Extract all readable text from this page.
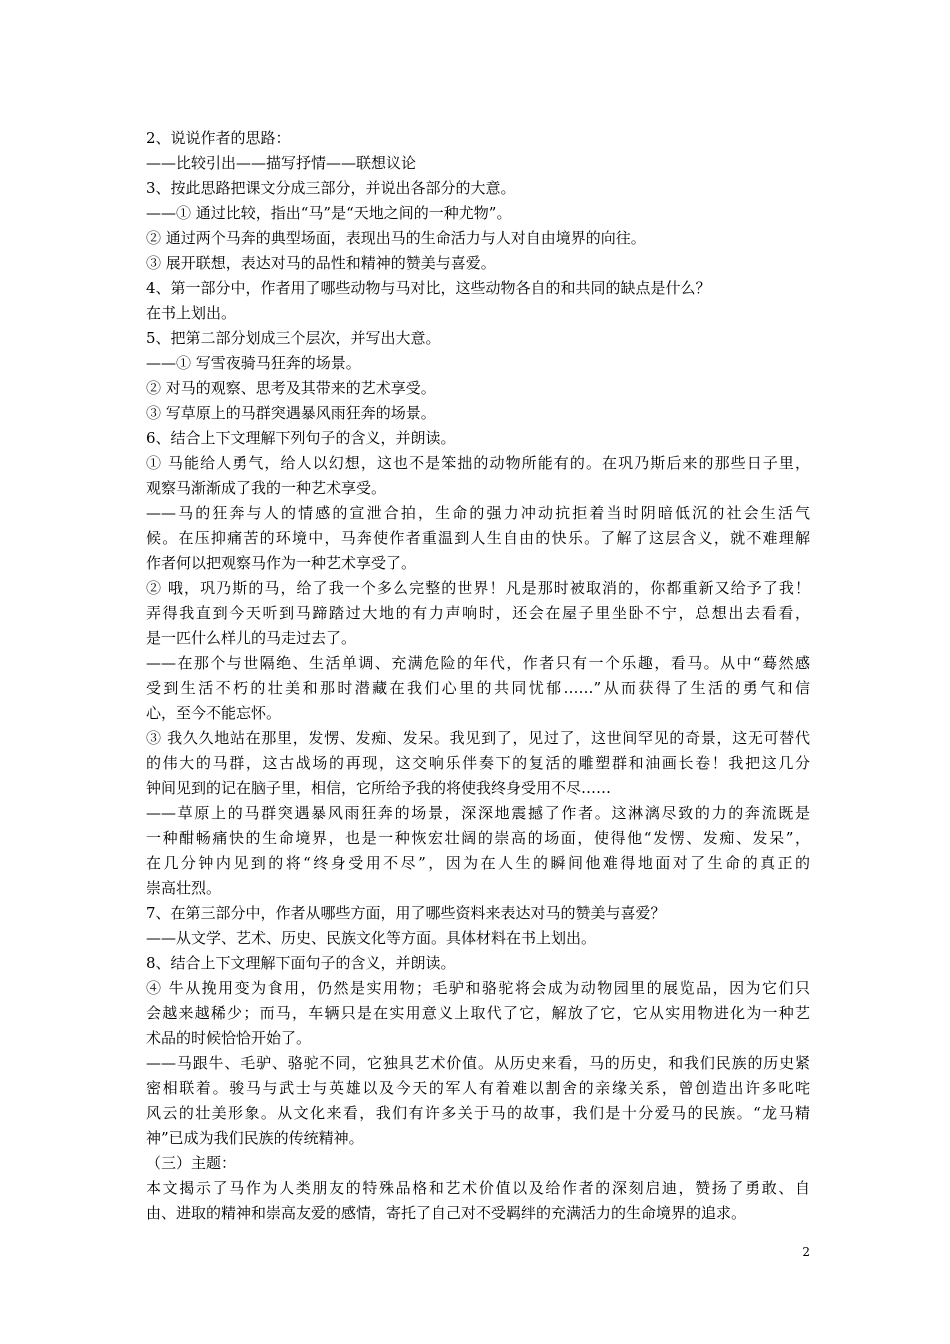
2、说说作者的思路：
——比较引出——描写抒情——联想议论
3、按此思路把课文分成三部分，并说出各部分的大意。
——① 通过比较，指出“马”是“天地之间的一种尤物”。
② 通过两个马奔的典型场面，表现出马的生命活力与人对自由境界的向往。
③ 展开联想，表达对马的品性和精神的赞美与喜爱。
4、第一部分中，作者用了哪些动物与马对比，这些动物各自的和共同的缺点是什么？
在书上划出。
5、把第二部分划成三个层次，并写出大意。
——① 写雪夜骑马狂奔的场景。
② 对马的观察、思考及其带来的艺术享受。
③ 写草原上的马群突遇暴风雨狂奔的场景。
6、结合上下文理解下列句子的含义，并朗读。
① 马能给人勇气，给人以幻想，这也不是笨拙的动物所能有的。在巩乃斯后来的那些日子里，
观察马渐渐成了我的一种艺术享受。
——马的狂奔与人的情感的宣泄合拍，生命的强力冲动抗拒着当时阴暗低沉的社会生活气
候。在压抑痛苦的环境中，马奔使作者重温到人生自由的快乐。了解了这层含义，就不难理解
作者何以把观察马作为一种艺术享受了。
② 哦，巩乃斯的马，给了我一个多么完整的世界！凡是那时被取消的，你都重新又给予了我！
弄得我直到今天听到马蹄踏过大地的有力声响时，还会在屋子里坐卧不宁，总想出去看看，
是一匹什么样儿的马走过去了。
——在那个与世隔绝、生活单调、充满危险的年代，作者只有一个乐趣，看马。从中“蓦然感
受到生活不朽的壮美和那时潜藏在我们心里的共同忧郁……”从而获得了生活的勇气和信
心，至今不能忘怀。
③ 我久久地站在那里，发愣、发痴、发呆。我见到了，见过了，这世间罕见的奇景，这无可替代
的伟大的马群，这古战场的再现，这交响乐伴奏下的复活的雕塑群和油画长卷！我把这几分
钟间见到的记在脑子里，相信，它所给予我的将使我终身受用不尽……
——草原上的马群突遇暴风雨狂奔的场景，深深地震撼了作者。这淋漓尽致的力的奔流既是
一种酣畅痛快的生命境界，也是一种恢宏壮阔的崇高的场面，使得他“发愣、发痴、发呆”，
在几分钟内见到的将“终身受用不尽”，因为在人生的瞬间他难得地面对了生命的真正的
崇高壮烈。
7、在第三部分中，作者从哪些方面，用了哪些资料来表达对马的赞美与喜爱？
——从文学、艺术、历史、民族文化等方面。具体材料在书上划出。
8、结合上下文理解下面句子的含义，并朗读。
④ 牛从挽用变为食用，仍然是实用物；毛驴和骆驼将会成为动物园里的展览品，因为它们只
会越来越稀少；而马，车辆只是在实用意义上取代了它，解放了它，它从实用物进化为一种艺
术品的时候恰恰开始了。
——马跟牛、毛驴、骆驼不同，它独具艺术价值。从历史来看，马的历史，和我们民族的历史紧
密相联着。骏马与武士与英雄以及今天的军人有着难以割舍的亲缘关系，曾创造出许多叱咤
风云的壮美形象。从文化来看，我们有许多关于马的故事，我们是十分爱马的民族。“龙马精
神”已成为我们民族的传统精神。
（三）主题：
本文揭示了马作为人类朋友的特殊品格和艺术价值以及给作者的深刻启迪，赞扬了勇敢、自
由、进取的精神和崇高友爱的感情，寄托了自己对不受羁绊的充满活力的生命境界的追求。
2
